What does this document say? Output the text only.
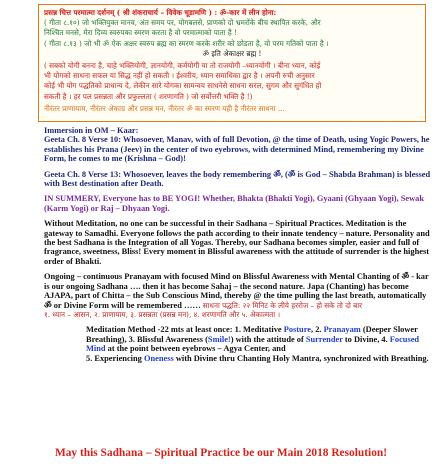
प्रसन्न चित्त परमात्मा दर्शनम् ( श्री शंकराचार्य – विवेक चूडामणि ) : ॐ-कार में लीन होना:
( गीता ८.१०) जो भक्तियुक्त मानव, अंत समय पर, योगबलसे, प्राणको दो भ्रमरोंके बीच स्थापित करके, और
निश्चित मनसे, मेरा दिव्य स्वरुपका स्मरण करता है वो परमात्माको पाता है !
( गीता ८.१३ ) जो भी ॐ ऐक अक्षर स्वरुप ब्रह्म का स्मरण करके शरीर को छोडता है, वो परम गतिको पाता है ।
ॐ इति अेकाक्षर ब्रह्म !
( सबको योगी बनना है, चाहे भक्तियोगी, ज्ञानयोगी, कर्मयोगी या तो राजयोगी –ध्यानयोगी । बीना ध्यान, कोई
भी योगको साधना सफल या सिद्ध नहीं हो सकती । ईश्वरीय, ध्यान समाधिका द्वार है । अपनी रुची अनुसार
कोई भी योग पद्धतिको प्राधान्य दे, लेकीन सारे योगका सामन्वय साधनेसे साधना सरल, सुगम और सुगंधित हो
सकती है । हर पल प्रसन्नता और प्रफुल्लता ( शरणागति ) जो सर्वोत्तरी भक्ति है !)
नीरंतर प्राणायाम, नीरंतर अेकाग्र और प्रसन्न मन, नीरंतर ॐ का स्मरण यही है नीरंतर साधना ...
Immersion in OM – Kaar:
Geeta Ch. 8 Verse 10: Whosoever, Manav, with of full Devotion, @ the time of Death, using Yogic Powers, he establishes his Prana (Jeev) in the center of two eyebrows, with determined Mind, remembering my Divine Form, he comes to me (Krishna – God)!
Geeta Ch. 8 Verse 13: Whosoever, leaves the body remembering ॐ, (ॐ is God – Shabda Brahman) is blessed with Best destination after Death.
IN SUMMERY, Everyone has to BE YOGI! Whether, Bhakta (Bhakti Yogi), Gyaani (Ghyaan Yogi), Sewak (Karm Yogi) or Raj – Dhyaan Yogi.
Without Meditation, no one can be successful in their Sadhana – Spiritual Practices. Meditation is the gateway to Samadhi. Everyone follows the path according to their innate tendency – nature. Personality and the best Sadhana is the Integration of all Yogas. Thereby, our Sadhana becomes simpler, easier and full of fragrance, sweetness, Bliss! Every moment in Blissful awareness with the attitude of surrender is the highest order of Bhakti.
Ongoing – continuous Pranayam with focused Mind on Blissful Awareness with Mental Chanting of ॐ - kar is our ongoing Sadhana …. then it has become Sahaj – the second nature. Japa (Chanting) has become AJAPA, part of Chitta – the Sub Conscious Mind, thereby @ the time pulling the last breath, automatically ॐ or Divine Form will be remembered …… साधना पद्धति: २२ मिनिट के लीये हररोज – हो सके तो दो बार
१. ध्यान – आसन, २. प्राणायाम, ३. प्रसन्नता (प्रसन्न मन), ४. शरणागति और ५. अेकात्मता ।
Meditation Method -22 mts at least once: 1. Meditative Posture, 2. Pranayam (Deeper Slower Breathing), 3. Blissful Awareness (Smile!) with the attitude of Surrender to Divine, 4. Focused Mind at the point between eyebrows – Agya Center, and
5. Experiencing Oneness with Divine thru Chanting Holy Mantra, synchronized with Breathing.
May this Sadhana – Spiritual Practice be our Main 2018 Resolution!
